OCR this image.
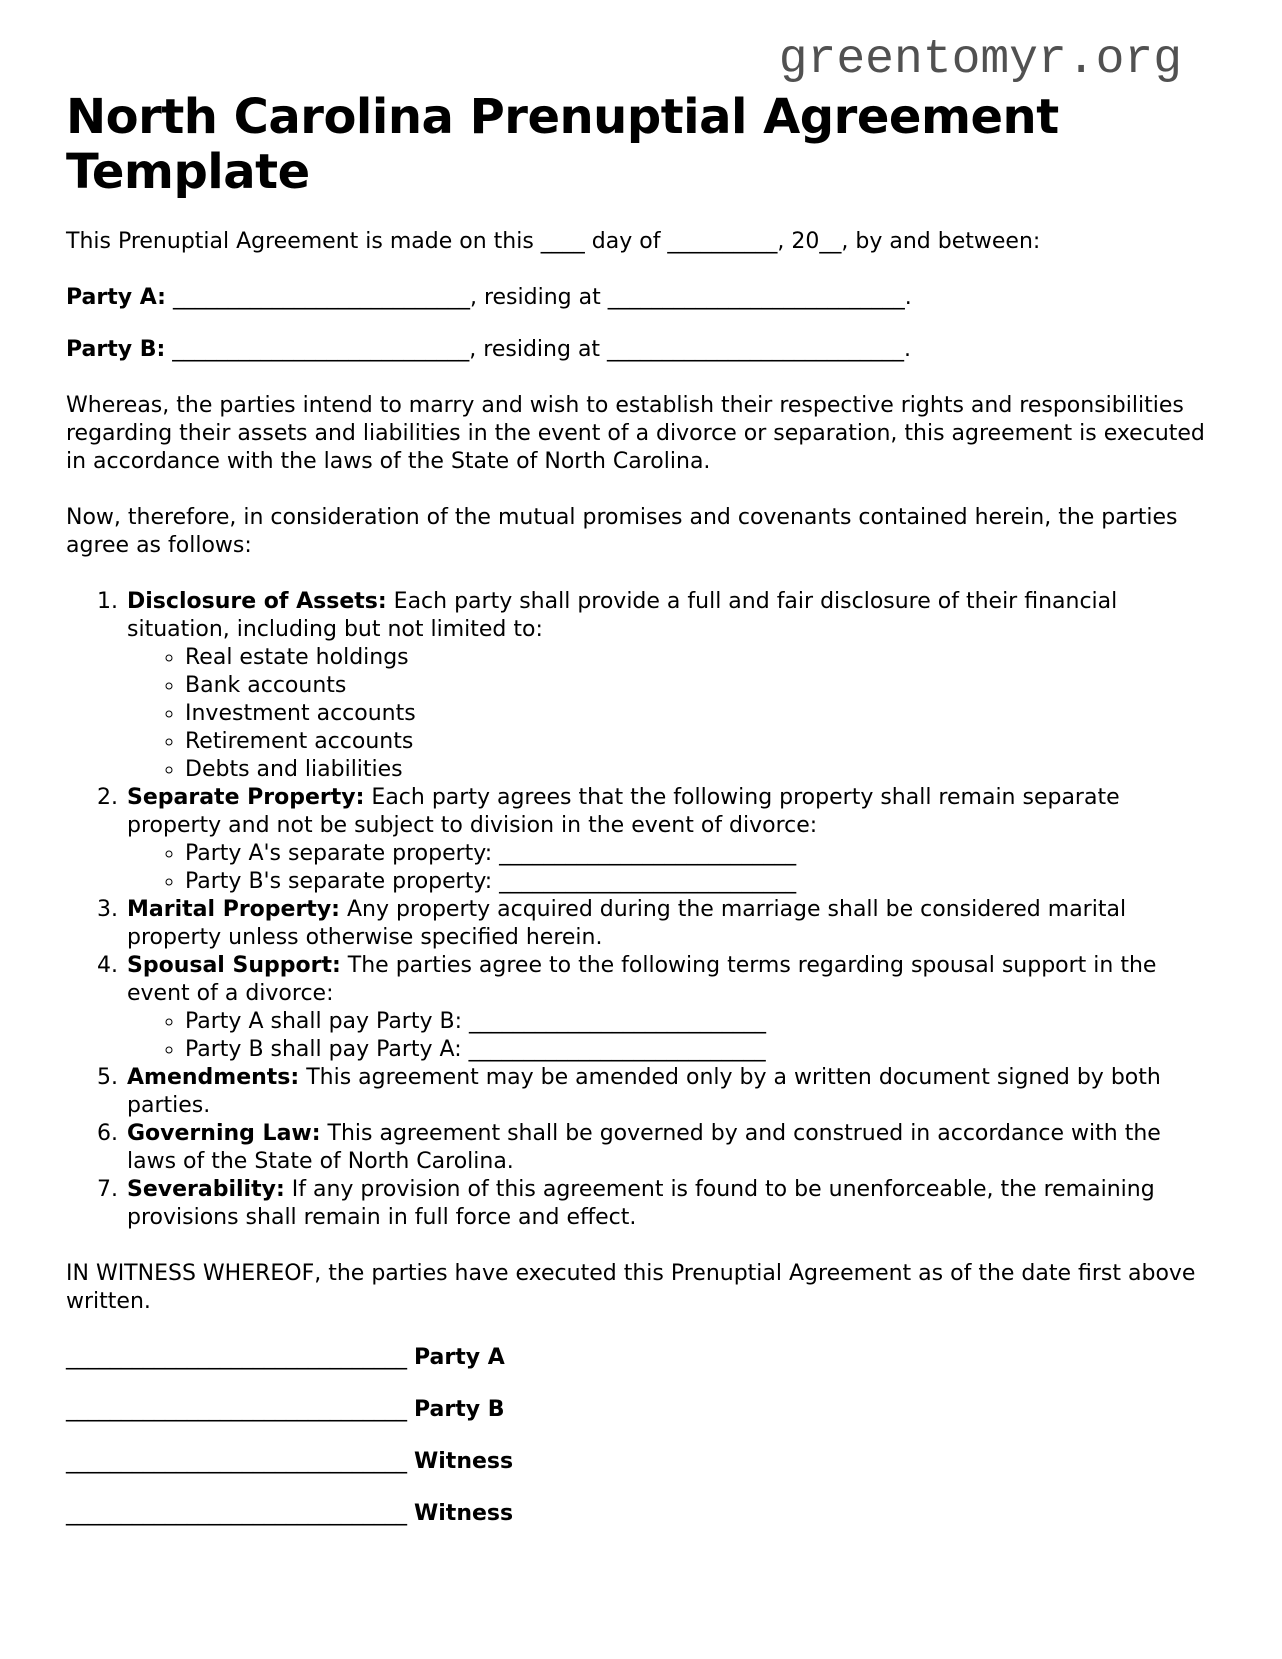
greentomyr.org
North Carolina Prenuptial Agreement Template

This Prenuptial Agreement is made on this ____ day of __________, 20__, by and between:

Party A: ___________________________, residing at ___________________________.
Party B: ___________________________, residing at ___________________________.

Whereas, the parties intend to marry and wish to establish their respective rights and responsibilities regarding their assets and liabilities in the event of a divorce or separation, this agreement is executed in accordance with the laws of the State of North Carolina.

Now, therefore, in consideration of the mutual promises and covenants contained herein, the parties agree as follows:

1. Disclosure of Assets: Each party shall provide a full and fair disclosure of their financial situation, including but not limited to:
◦ Real estate holdings
◦ Bank accounts
◦ Investment accounts
◦ Retirement accounts
◦ Debts and liabilities
2. Separate Property: Each party agrees that the following property shall remain separate property and not be subject to division in the event of divorce:
◦ Party A's separate property: ___________________________
◦ Party B's separate property: ___________________________
3. Marital Property: Any property acquired during the marriage shall be considered marital property unless otherwise specified herein.
4. Spousal Support: The parties agree to the following terms regarding spousal support in the event of a divorce:
◦ Party A shall pay Party B: ___________________________
◦ Party B shall pay Party A: ___________________________
5. Amendments: This agreement may be amended only by a written document signed by both parties.
6. Governing Law: This agreement shall be governed by and construed in accordance with the laws of the State of North Carolina.
7. Severability: If any provision of this agreement is found to be unenforceable, the remaining provisions shall remain in full force and effect.

IN WITNESS WHEREOF, the parties have executed this Prenuptial Agreement as of the date first above written.

_______________________________ Party A
_______________________________ Party B
_______________________________ Witness
_______________________________ Witness
